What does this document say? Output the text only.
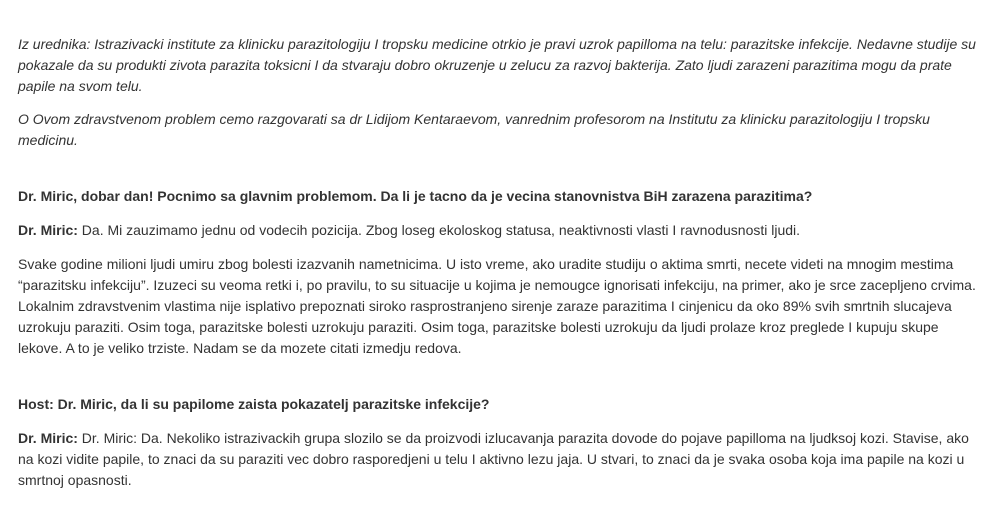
Iz urednika: Istrazivacki institute za klinicku parazitologiju I tropsku medicine otrkio je pravi uzrok papilloma na telu: parazitske infekcije. Nedavne studije su pokazale da su produkti zivota parazita toksicni I da stvaraju dobro okruzenje u zelucu za razvoj bakterija. Zato ljudi zarazeni parazitima mogu da prate papile na svom telu.

O Ovom zdravstvenom problem cemo razgovarati sa dr Lidijom Kentaraevom, vanrednim profesorom na Institutu za klinicku parazitologiju I tropsku medicinu.

Dr. Miric, dobar dan! Pocnimo sa glavnim problemom. Da li je tacno da je vecina stanovnistva BiH zarazena parazitima?

Dr. Miric: Da. Mi zauzimamo jednu od vodecih pozicija. Zbog loseg ekoloskog statusa, neaktivnosti vlasti I ravnodusnosti ljudi.

Svake godine milioni ljudi umiru zbog bolesti izazvanih nametnicima. U isto vreme, ako uradite studiju o aktima smrti, necete videti na mnogim mestima “parazitsku infekciju”. Izuzeci su veoma retki i, po pravilu, to su situacije u kojima je nemougce ignorisati infekciju, na primer, ako je srce zacepljeno crvima. Lokalnim zdravstvenim vlastima nije isplativo prepoznati siroko rasprostranjeno sirenje zaraze parazitima I cinjenicu da oko 89% svih smrtnih slucajeva uzrokuju paraziti. Osim toga, parazitske bolesti uzrokuju paraziti. Osim toga, parazitske bolesti uzrokuju da ljudi prolaze kroz preglede I kupuju skupe lekove. A to je veliko trziste. Nadam se da mozete citati izmedju redova.

Host: Dr. Miric, da li su papilome zaista pokazatelj parazitske infekcije?

Dr. Miric: Dr. Miric: Da. Nekoliko istrazivackih grupa slozilo se da proizvodi izlucavanja parazita dovode do pojave papilloma na ljudksoj kozi. Stavise, ako na kozi vidite papile, to znaci da su paraziti vec dobro rasporedjeni u telu I aktivno lezu jaja. U stvari, to znaci da je svaka osoba koja ima papile na kozi u smrtnoj opasnosti.
